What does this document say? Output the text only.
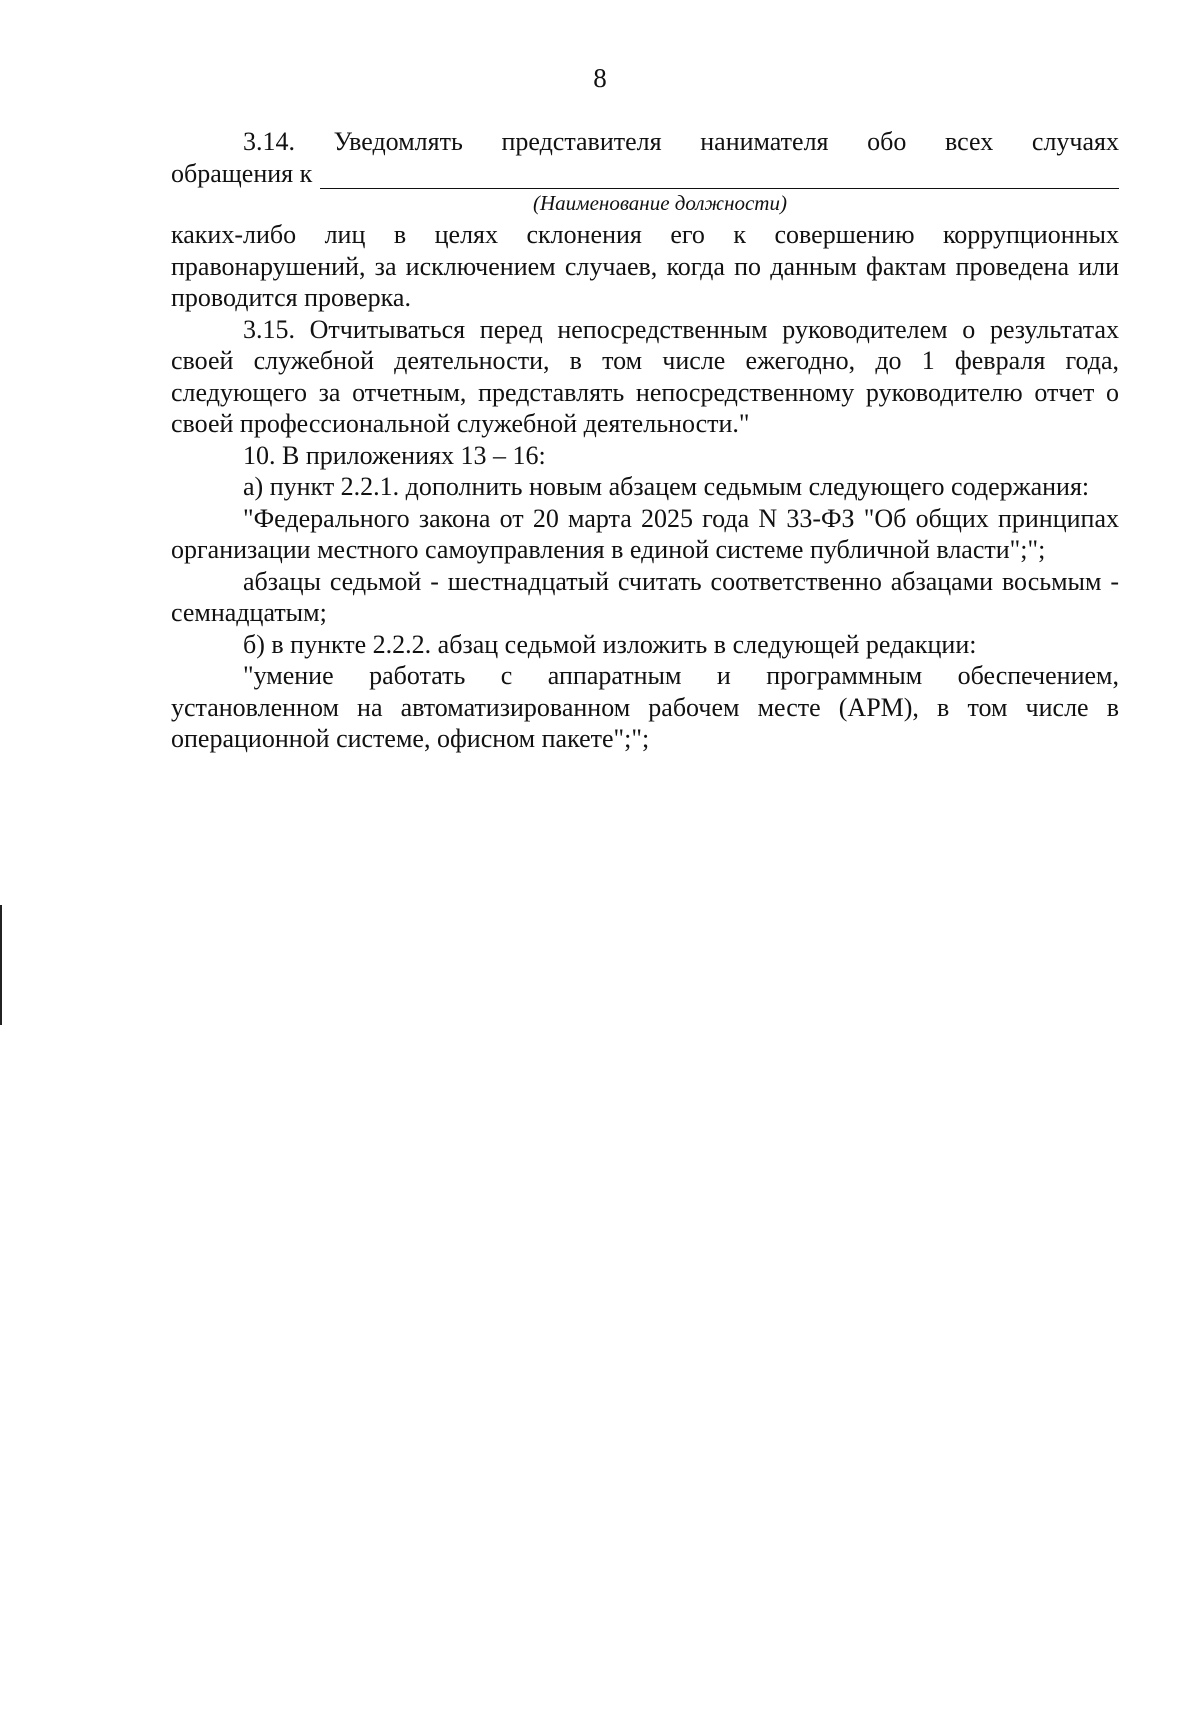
8

3.14. Уведомлять представителя нанимателя обо всех случаях

обращения к
(Наименование должности)

каких-либо лиц в целях склонения его к совершению коррупционных правонарушений, за исключением случаев, когда по данным фактам проведена или проводится проверка.

3.15. Отчитываться перед непосредственным руководителем о результатах своей служебной деятельности, в том числе ежегодно, до 1 февраля года, следующего за отчетным, представлять непосредственному руководителю отчет о своей профессиональной служебной деятельности."

10. В приложениях 13 – 16:

а) пункт 2.2.1. дополнить новым абзацем седьмым следующего содержания:

"Федерального закона от 20 марта 2025 года N 33-ФЗ "Об общих принципах организации местного самоуправления в единой системе публичной власти";";

абзацы седьмой - шестнадцатый считать соответственно абзацами восьмым - семнадцатым;

б) в пункте 2.2.2. абзац седьмой изложить в следующей редакции:

"умение работать с аппаратным и программным обеспечением, установленном на автоматизированном рабочем месте (АРМ), в том числе в операционной системе, офисном пакете";";
